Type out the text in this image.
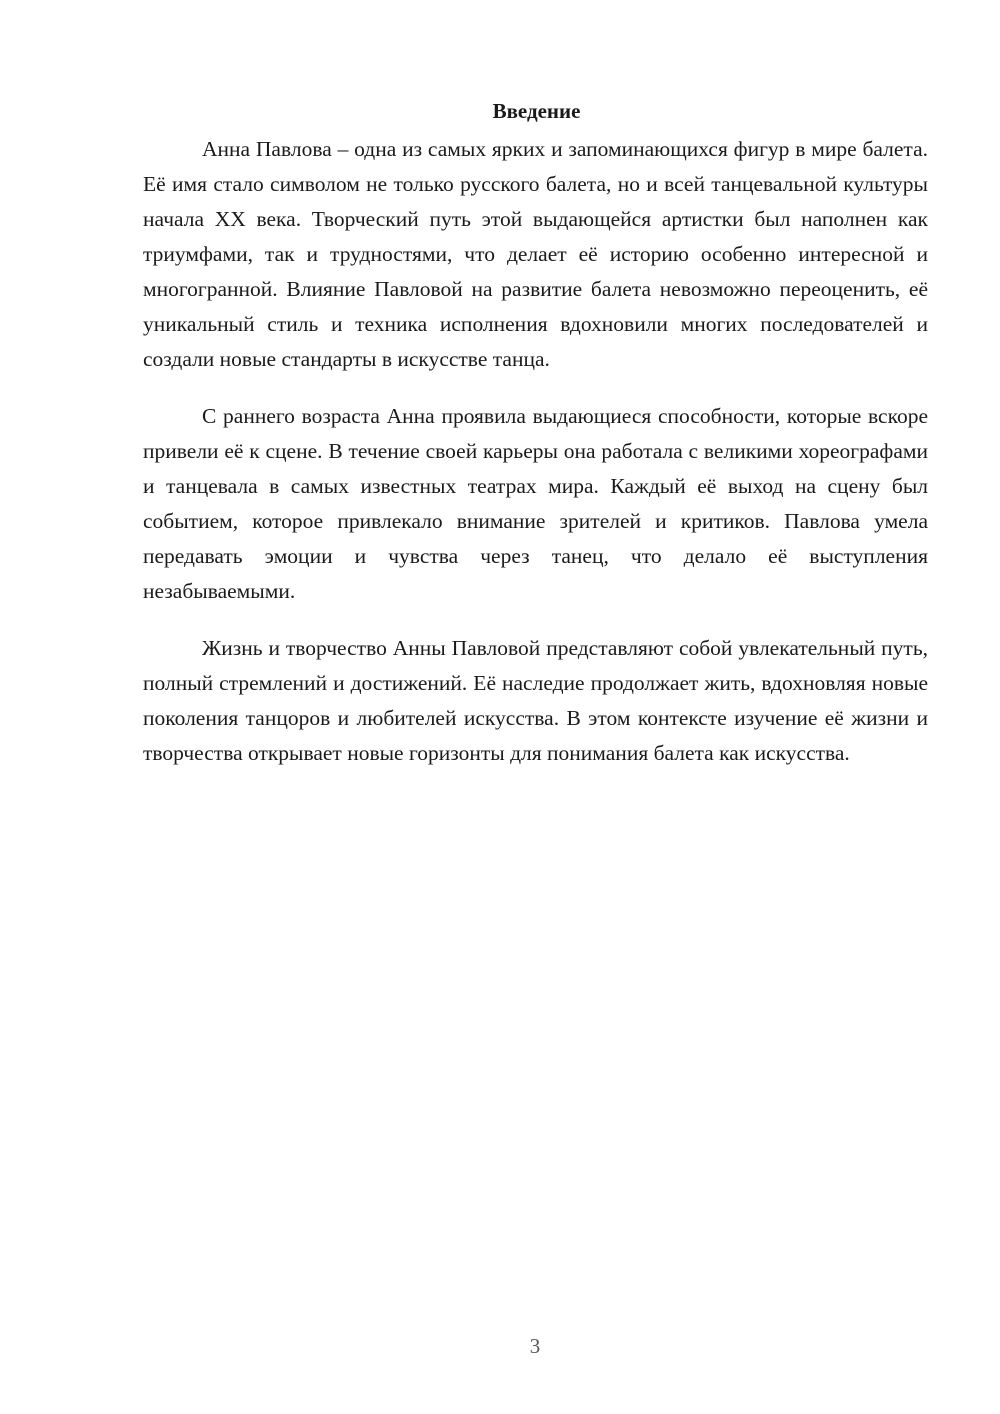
Введение

Анна Павлова – одна из самых ярких и запоминающихся фигур в мире балета. Её имя стало символом не только русского балета, но и всей танцевальной культуры начала XX века. Творческий путь этой выдающейся артистки был наполнен как триумфами, так и трудностями, что делает её историю особенно интересной и многогранной. Влияние Павловой на развитие балета невозможно переоценить, её уникальный стиль и техника исполнения вдохновили многих последователей и создали новые стандарты в искусстве танца.

С раннего возраста Анна проявила выдающиеся способности, которые вскоре привели её к сцене. В течение своей карьеры она работала с великими хореографами и танцевала в самых известных театрах мира. Каждый её выход на сцену был событием, которое привлекало внимание зрителей и критиков. Павлова умела передавать эмоции и чувства через танец, что делало её выступления незабываемыми.

Жизнь и творчество Анны Павловой представляют собой увлекательный путь, полный стремлений и достижений. Её наследие продолжает жить, вдохновляя новые поколения танцоров и любителей искусства. В этом контексте изучение её жизни и творчества открывает новые горизонты для понимания балета как искусства.

3
